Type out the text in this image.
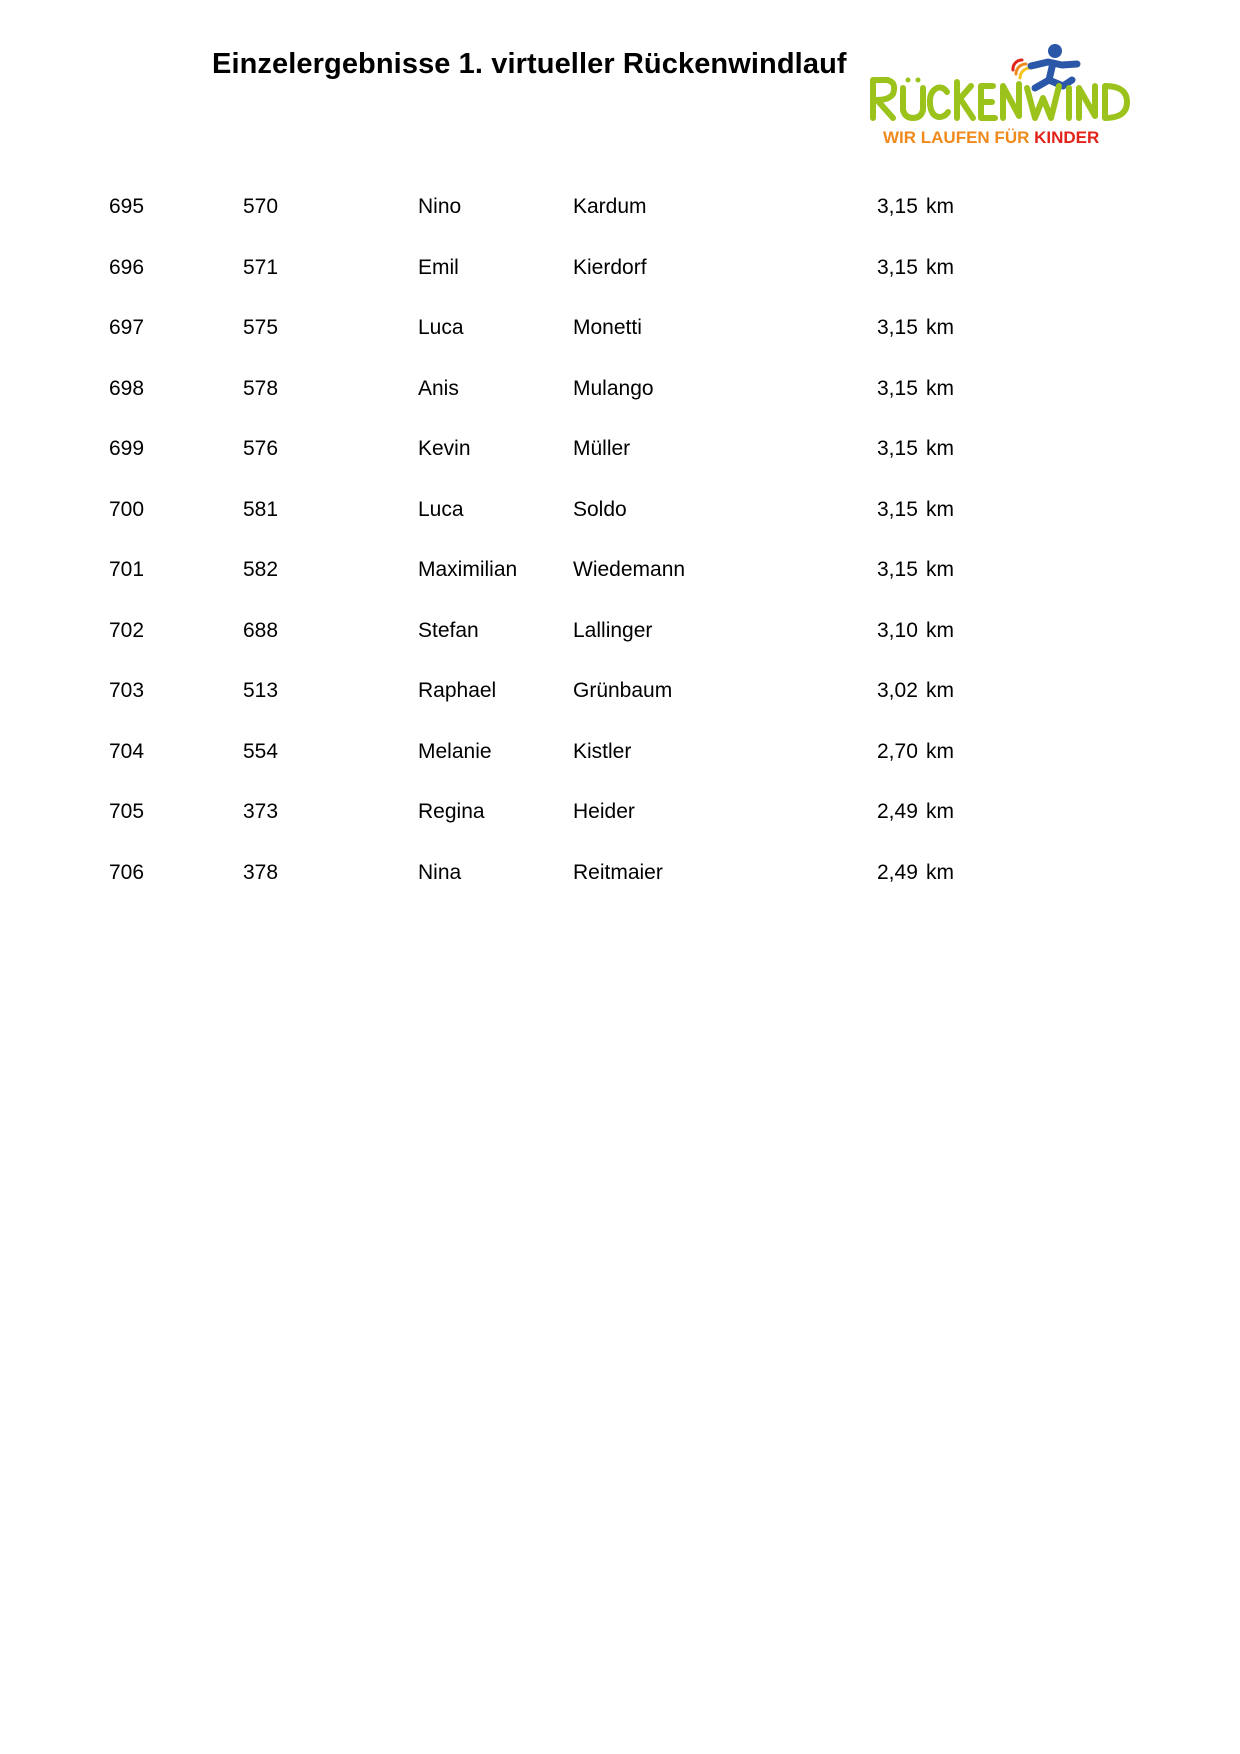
Einzelergebnisse 1. virtueller Rückenwindlauf
WIR LAUFEN FÜR KINDER
695	570	Nino	Kardum	3,15 km
696	571	Emil	Kierdorf	3,15 km
697	575	Luca	Monetti	3,15 km
698	578	Anis	Mulango	3,15 km
699	576	Kevin	Müller	3,15 km
700	581	Luca	Soldo	3,15 km
701	582	Maximilian	Wiedemann	3,15 km
702	688	Stefan	Lallinger	3,10 km
703	513	Raphael	Grünbaum	3,02 km
704	554	Melanie	Kistler	2,70 km
705	373	Regina	Heider	2,49 km
706	378	Nina	Reitmaier	2,49 km
